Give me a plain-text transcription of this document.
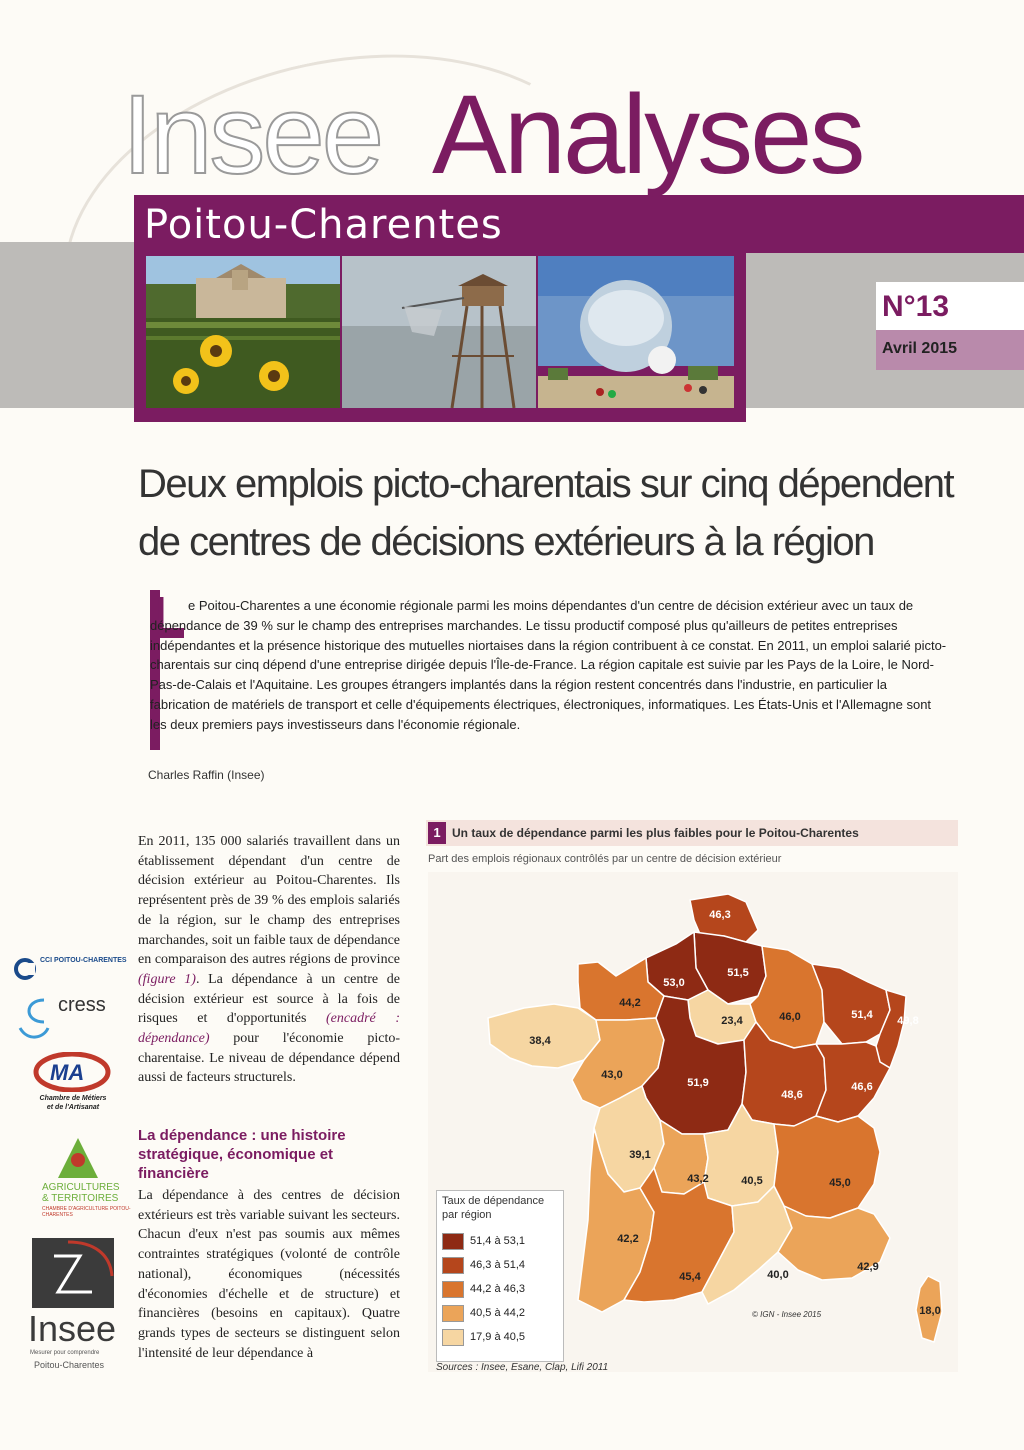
Insee Analyses
Poitou-Charentes
N°13
Avril 2015
Deux emplois picto-charentais sur cinq dépendent de centres de décisions extérieurs à la région
L e Poitou-Charentes a une économie régionale parmi les moins dépendantes d'un centre de décision extérieur avec un taux de dépendance de 39 % sur le champ des entreprises marchandes. Le tissu productif composé plus qu'ailleurs de petites entreprises indépendantes et la présence historique des mutuelles niortaises dans la région contribuent à ce constat. En 2011, un emploi salarié picto-charentais sur cinq dépend d'une entreprise dirigée depuis l'Île-de-France. La région capitale est suivie par les Pays de la Loire, le Nord-Pas-de-Calais et l'Aquitaine. Les groupes étrangers implantés dans la région restent concentrés dans l'industrie, en particulier la fabrication de matériels de transport et celle d'équipements électriques, électroniques, informatiques. Les États-Unis et l'Allemagne sont les deux premiers pays investisseurs dans l'économie régionale.
Charles Raffin (Insee)
En 2011, 135 000 salariés travaillent dans un établissement dépendant d'un centre de décision extérieur au Poitou-Charentes. Ils représentent près de 39 % des emplois salariés de la région, sur le champ des entreprises marchandes, soit un faible taux de dépendance en comparaison des autres régions de province (figure 1). La dépendance à un centre de décision extérieur est source à la fois de risques et d'opportunités (encadré : dépendance) pour l'économie picto-charentaise. Le niveau de dépendance dépend aussi de facteurs structurels.
La dépendance : une histoire stratégique, économique et financière
La dépendance à des centres de décision extérieurs est très variable suivant les secteurs. Chacun d'eux n'est pas soumis aux mêmes contraintes stratégiques (volonté de contrôle national), économiques (nécessités d'économies d'échelle et de structure) et financières (besoins en capitaux). Quatre grands types de secteurs se distinguent selon l'intensité de leur dépendance à
CCI POITOU-CHARENTES
cress
MA
Chambre de Métiers
et de l'Artisanat
AGRICULTURES
& TERRITOIRES
CHAMBRE D'AGRICULTURE POITOU-CHARENTES
Insee
Mesurer pour comprendre
Poitou-Charentes
1 Un taux de dépendance parmi les plus faibles pour le Poitou-Charentes
Part des emplois régionaux contrôlés par un centre de décision extérieur
46,3
53,0
51,5
44,2
23,4	46,0	51,4 49,8
38,4
43,0
51,9
48,6
46,6
39,1
43,2	40,5	45,0
42,2
45,4	40,0
42,9
18,0
Taux de dépendance par région
51,4 à 53,1
46,3 à 51,4
44,2 à 46,3
40,5 à 44,2
17,9 à 40,5
© IGN - Insee 2015
Sources : Insee, Esane, Clap, Lifi 2011
